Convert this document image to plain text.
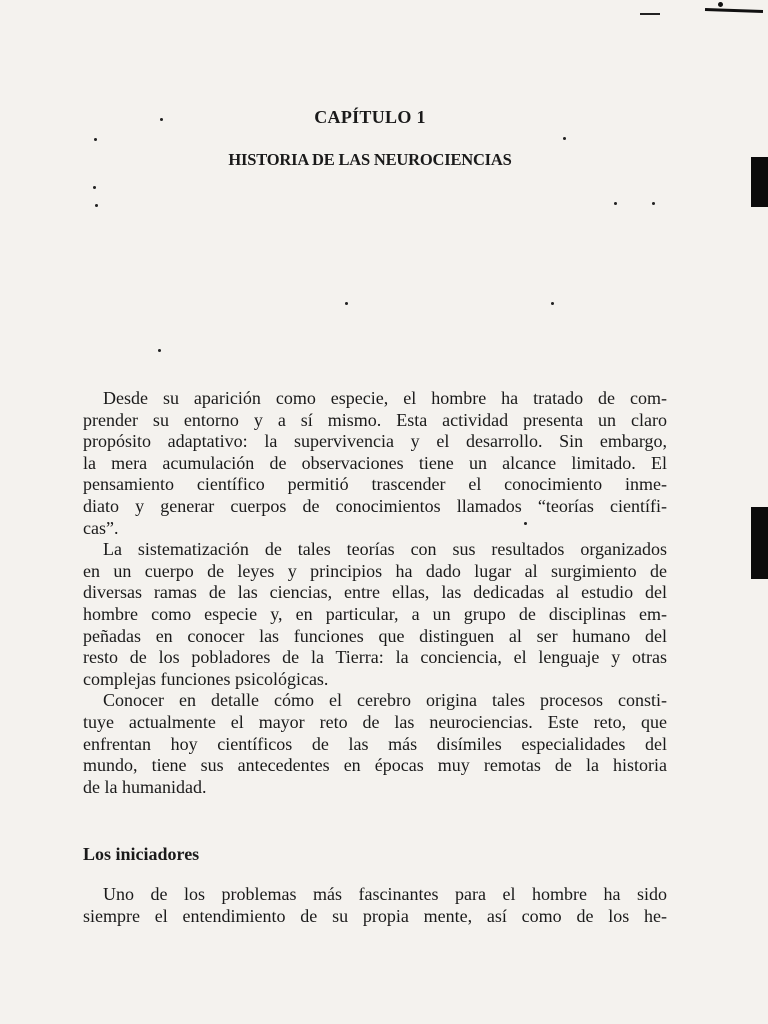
CAPÍTULO 1
HISTORIA DE LAS NEUROCIENCIAS
Desde su aparición como especie, el hombre ha tratado de com-
prender su entorno y a sí mismo. Esta actividad presenta un claro
propósito adaptativo: la supervivencia y el desarrollo. Sin embargo,
la mera acumulación de observaciones tiene un alcance limitado. El
pensamiento científico permitió trascender el conocimiento inme-
diato y generar cuerpos de conocimientos llamados “teorías científi-
cas”.
La sistematización de tales teorías con sus resultados organizados
en un cuerpo de leyes y principios ha dado lugar al surgimiento de
diversas ramas de las ciencias, entre ellas, las dedicadas al estudio del
hombre como especie y, en particular, a un grupo de disciplinas em-
peñadas en conocer las funciones que distinguen al ser humano del
resto de los pobladores de la Tierra: la conciencia, el lenguaje y otras
complejas funciones psicológicas.
Conocer en detalle cómo el cerebro origina tales procesos consti-
tuye actualmente el mayor reto de las neurociencias. Este reto, que
enfrentan hoy científicos de las más disímiles especialidades del
mundo, tiene sus antecedentes en épocas muy remotas de la historia
de la humanidad.
Los iniciadores
Uno de los problemas más fascinantes para el hombre ha sido
siempre el entendimiento de su propia mente, así como de los he-
